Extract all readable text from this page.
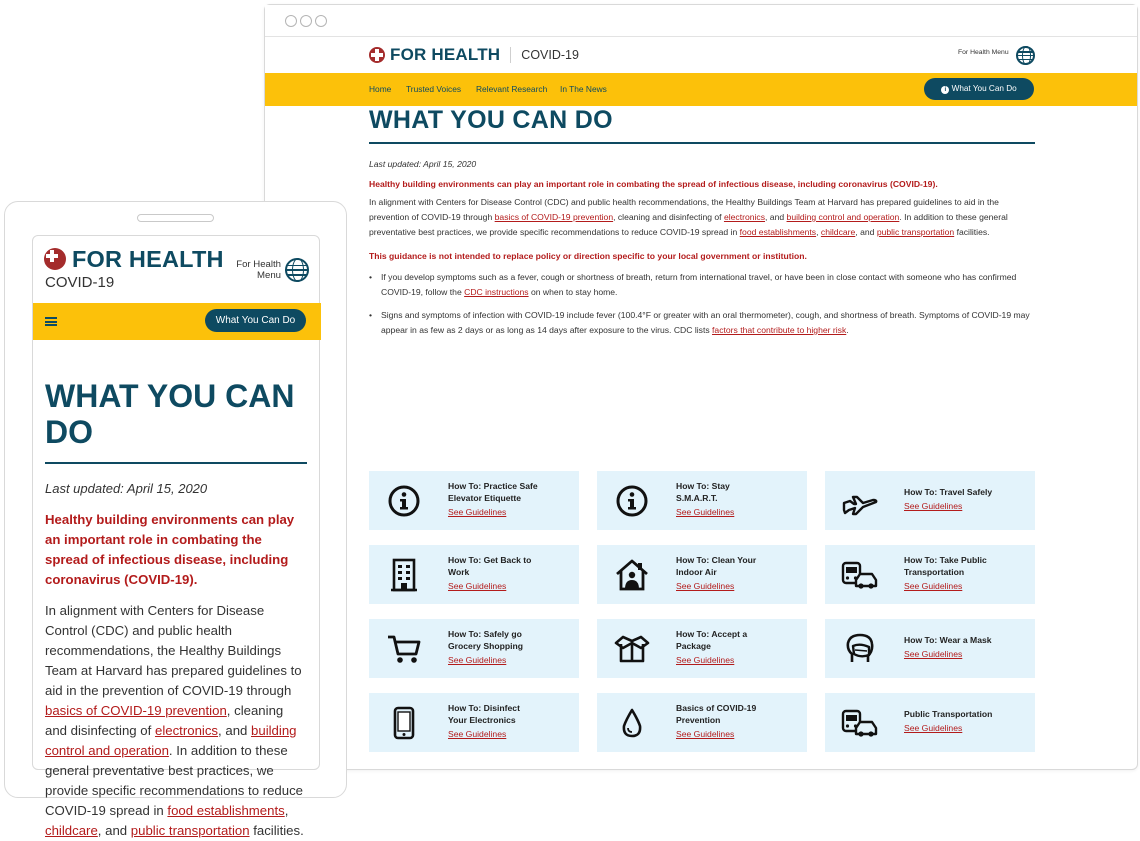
FOR HEALTH COVID-19	For Health Menu
Home Trusted Voices Relevant Research In The News	i What You Can Do
WHAT YOU CAN DO
Last updated: April 15, 2020
Healthy building environments can play an important role in combating the spread of infectious disease, including coronavirus (COVID-19).

In alignment with Centers for Disease Control (CDC) and public health recommendations, the Healthy Buildings Team at Harvard has prepared guidelines to aid in the prevention of COVID-19 through basics of COVID-19 prevention, cleaning and disinfecting of electronics, and building control and operation. In addition to these general preventative best practices, we provide specific recommendations to reduce COVID-19 spread in food establishments, childcare, and public transportation facilities.

This guidance is not intended to replace policy or direction specific to your local government or institution.
• If you develop symptoms such as a fever, cough or shortness of breath, return from international travel, or have been in close contact with someone who has confirmed COVID-19, follow the CDC instructions on when to stay home.
• Signs and symptoms of infection with COVID-19 include fever (100.4°F or greater with an oral thermometer), cough, and shortness of breath. Symptoms of COVID-19 may appear in as few as 2 days or as long as 14 days after exposure to the virus. CDC lists factors that contribute to higher risk.
How To: Practice Safe
Elevator Etiquette
See Guidelines
How To: Stay
S.M.A.R.T.
See Guidelines
How To: Travel Safely
See Guidelines
How To: Get Back to
Work
See Guidelines
How To: Clean Your
Indoor Air
See Guidelines
How To: Take Public
Transportation
See Guidelines
How To: Safely go
Grocery Shopping
See Guidelines
How To: Accept a
Package
See Guidelines
How To: Wear a Mask
See Guidelines
How To: Disinfect
Your Electronics
See Guidelines
Basics of COVID-19
Prevention
See Guidelines
Public Transportation
See Guidelines
FOR HEALTH
COVID-19
For Health
Menu
What You Can Do
WHAT YOU CAN
DO
Last updated: April 15, 2020
Healthy building environments can play an important role in combating the spread of infectious disease, including coronavirus (COVID-19).

In alignment with Centers for Disease Control (CDC) and public health recommendations, the Healthy Buildings Team at Harvard has prepared guidelines to aid in the prevention of COVID-19 through basics of COVID-19 prevention, cleaning and disinfecting of electronics, and building control and operation. In addition to these general preventative best practices, we provide specific recommendations to reduce COVID-19 spread in food establishments, childcare, and public transportation facilities.
